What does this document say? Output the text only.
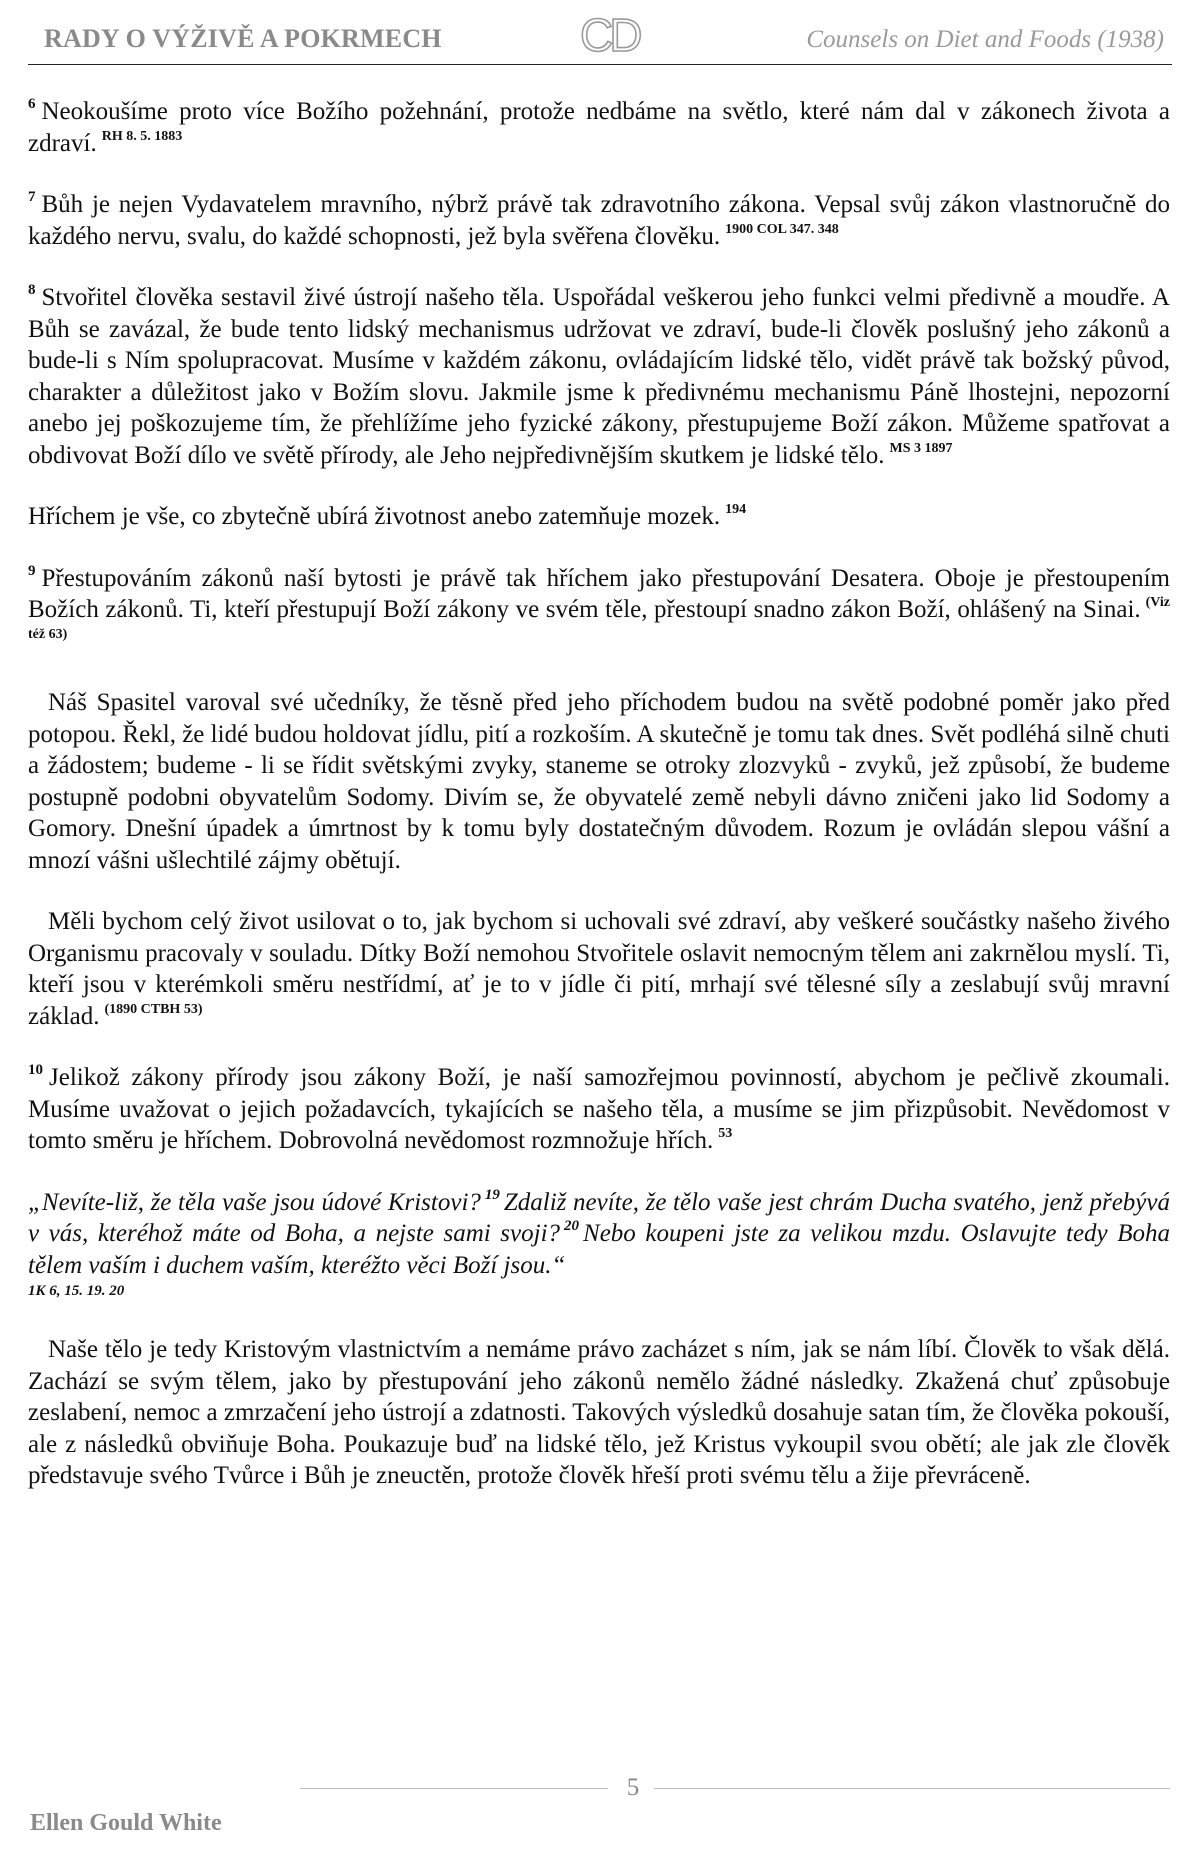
RADY O VÝŽIVĚ A POKRMECH	CD	Counsels on Diet and Foods (1938)

$^6$ Neokoušíme proto více Božího požehnání, protože nedbáme na světlo, které nám dal v zákonech života a zdraví. $^{RH 8. 5. 1883}$

$^7$ Bůh je nejen Vydavatelem mravního, nýbrž právě tak zdravotního zákona. Vepsal svůj zákon vlastnoručně do každého nervu, svalu, do každé schopnosti, jež byla svěřena člověku. $^{1900 COL 347. 348}$

$^8$ Stvořitel člověka sestavil živé ústrojí našeho těla. Uspořádal veškerou jeho funkci velmi předivně a moudře. A Bůh se zavázal, že bude tento lidský mechanismus udržovat ve zdraví, bude-li člověk poslušný jeho zákonů a bude-li s Ním spolupracovat. Musíme v každém zákonu, ovládajícím lidské tělo, vidět právě tak božský původ, charakter a důležitost jako v Božím slovu. Jakmile jsme k předivnému mechanismu Páně lhostejni, nepozorní anebo jej poškozujeme tím, že přehlížíme jeho fyzické zákony, přestupujeme Boží zákon. Můžeme spatřovat a obdivovat Boží dílo ve světě přírody, ale Jeho nejpředivnějším skutkem je lidské tělo. $^{MS 3 1897}$

Hříchem je vše, co zbytečně ubírá životnost anebo zatemňuje mozek. $^{194}$

$^9$ Přestupováním zákonů naší bytosti je právě tak hříchem jako přestupování Desatera. Oboje je přestoupením Božích zákonů. Ti, kteří přestupují Boží zákony ve svém těle, přestoupí snadno zákon Boží, ohlášený na Sinai. $^{(Viz též 63)}$

Náš Spasitel varoval své učedníky, že těsně před jeho příchodem budou na světě podobné poměr jako před potopou. Řekl, že lidé budou holdovat jídlu, pití a rozkoším. A skutečně je tomu tak dnes. Svět podléhá silně chuti a žádostem; budeme - li se řídit světskými zvyky, staneme se otroky zlozvyků - zvyků, jež způsobí, že budeme postupně podobni obyvatelům Sodomy. Divím se, že obyvatelé země nebyli dávno zničeni jako lid Sodomy a Gomory. Dnešní úpadek a úmrtnost by k tomu byly dostatečným důvodem. Rozum je ovládán slepou vášní a mnozí vášni ušlechtilé zájmy obětují.

Měli bychom celý život usilovat o to, jak bychom si uchovali své zdraví, aby veškeré součástky našeho živého Organismu pracovaly v souladu. Dítky Boží nemohou Stvořitele oslavit nemocným tělem ani zakrnělou myslí. Ti, kteří jsou v kterémkoli směru nestřídmí, ať je to v jídle či pití, mrhají své tělesné síly a zeslabují svůj mravní základ. $^{(1890 CTBH 53)}$

$^{10}$ Jelikož zákony přírody jsou zákony Boží, je naší samozřejmou povinností, abychom je pečlivě zkoumali. Musíme uvažovat o jejich požadavcích, tykajících se našeho těla, a musíme se jim přizpůsobit. Nevědomost v tomto směru je hříchem. Dobrovolná nevědomost rozmnožuje hřích. $^{53}$

„Nevíte-liž, že těla vaše jsou údové Kristovi? $^{19}$ Zdaliž nevíte, že tělo vaše jest chrám Ducha svatého, jenž přebývá v vás, kteréhož máte od Boha, a nejste sami svoji? $^{20}$ Nebo koupeni jste za velikou mzdu. Oslavujte tedy Boha tělem vaším i duchem vaším, kteréžto věci Boží jsou.“

1K 6, 15. 19. 20

Naše tělo je tedy Kristovým vlastnictvím a nemáme právo zacházet s ním, jak se nám líbí. Člověk to však dělá. Zachází se svým tělem, jako by přestupování jeho zákonů nemělo žádné následky. Zkažená chuť způsobuje zeslabení, nemoc a zmrzačení jeho ústrojí a zdatnosti. Takových výsledků dosahuje satan tím, že člověka pokouší, ale z následků obviňuje Boha. Poukazuje buď na lidské tělo, jež Kristus vykoupil svou obětí; ale jak zle člověk představuje svého Tvůrce i Bůh je zneuctěn, protože člověk hřeší proti svému tělu a žije převráceně.

5
Ellen Gould White
